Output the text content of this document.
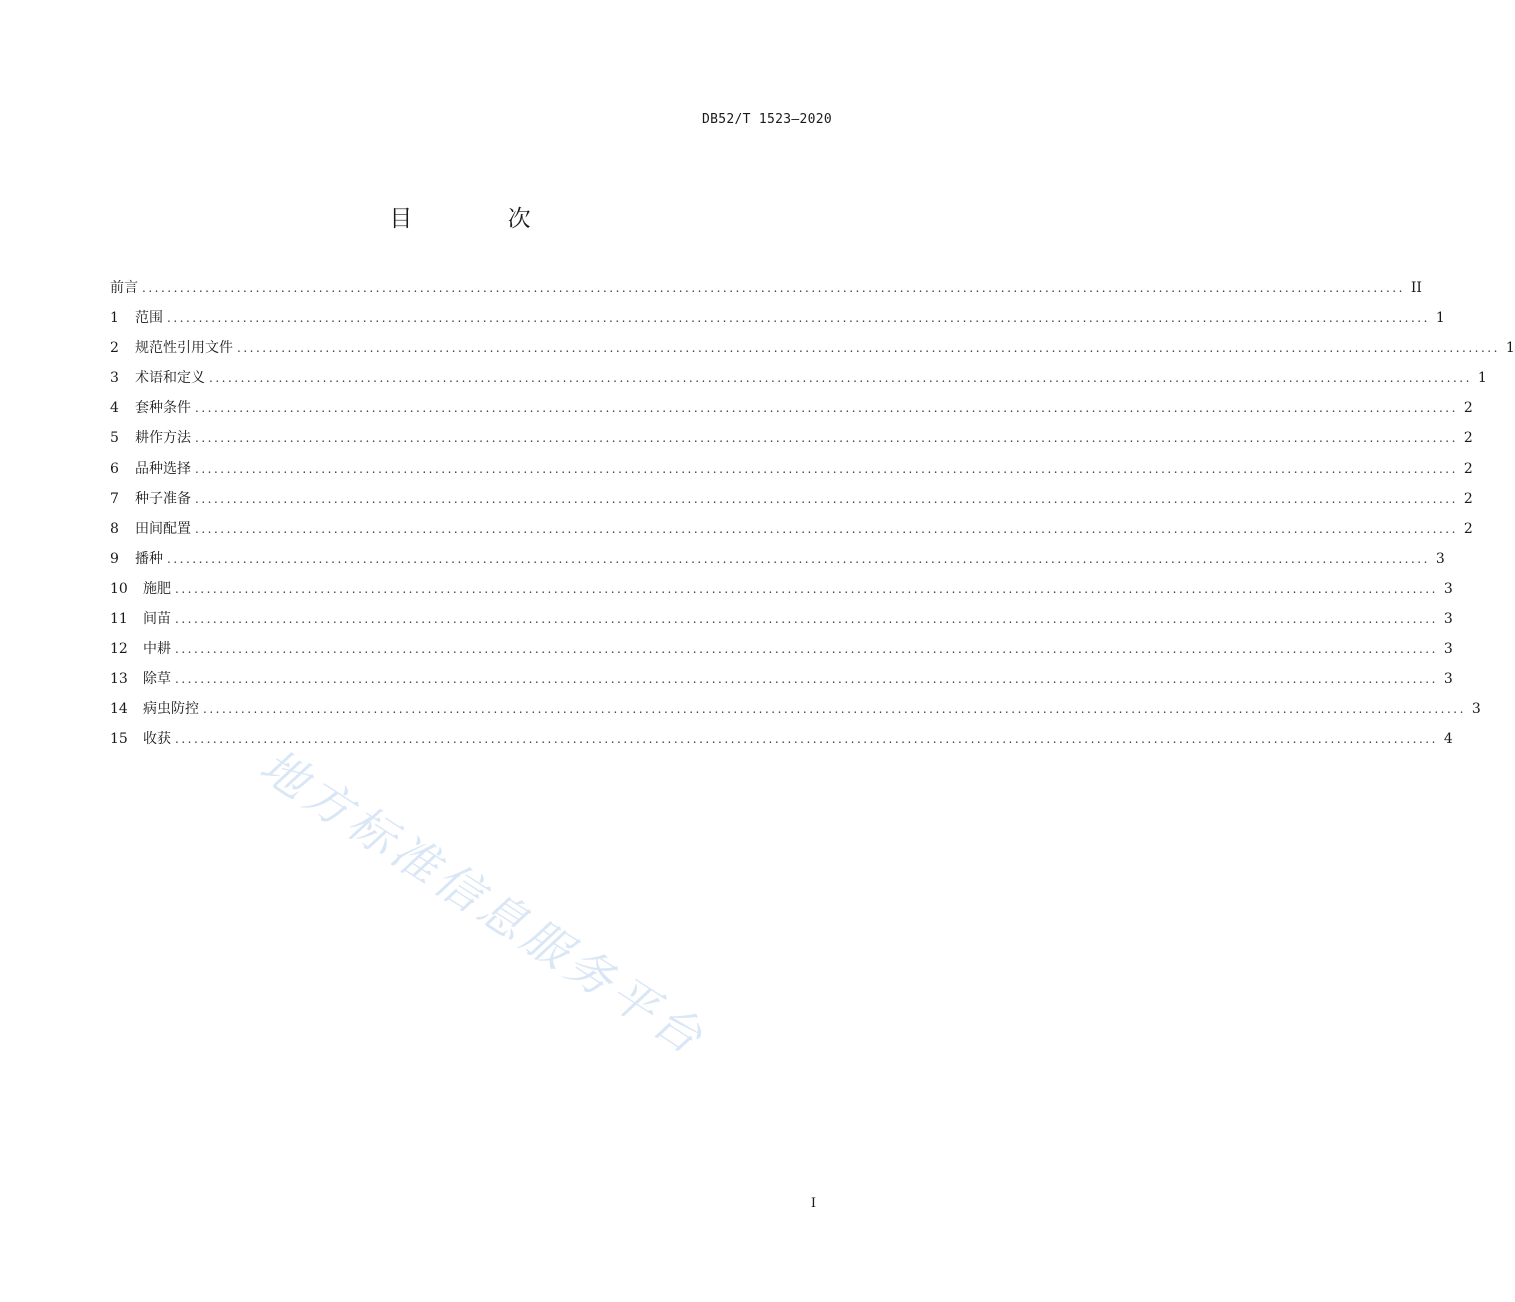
DB52/T 1523—2020
目 次
前言 ........................................................................................................................................................................................................ II
1	范围 ........................................................................................................................................................................................................ 1
2	规范性引用文件 ........................................................................................................................................................................................................ 1
3	术语和定义 ........................................................................................................................................................................................................ 1
4	套种条件 ........................................................................................................................................................................................................ 2
5	耕作方法 ........................................................................................................................................................................................................ 2
6	品种选择 ........................................................................................................................................................................................................ 2
7	种子准备 ........................................................................................................................................................................................................ 2
8	田间配置 ........................................................................................................................................................................................................ 2
9	播种 ........................................................................................................................................................................................................ 3
10	施肥 ........................................................................................................................................................................................................ 3
11	间苗 ........................................................................................................................................................................................................ 3
12	中耕 ........................................................................................................................................................................................................ 3
13	除草 ........................................................................................................................................................................................................ 3
14	病虫防控 ........................................................................................................................................................................................................ 3
15	收获 ........................................................................................................................................................................................................ 4
地方标准信息服务平台
I
